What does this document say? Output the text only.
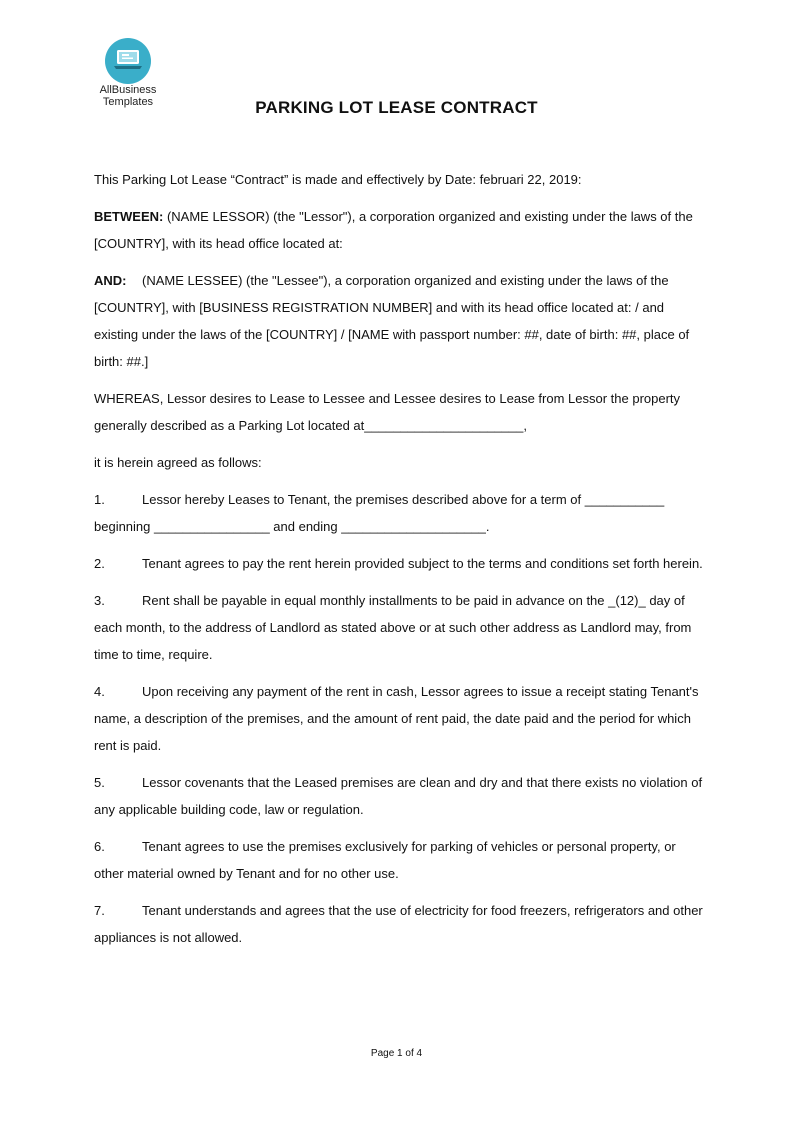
AllBusiness
Templates	PARKING LOT LEASE CONTRACT

This Parking Lot Lease “Contract” is made and effectively by Date: februari 22, 2019:

BETWEEN: (NAME LESSOR) (the "Lessor"), a corporation organized and existing under the laws of the [COUNTRY], with its head office located at:

AND: (NAME LESSEE) (the "Lessee"), a corporation organized and existing under the laws of the [COUNTRY], with [BUSINESS REGISTRATION NUMBER] and with its head office located at: / and existing under the laws of the [COUNTRY] / [NAME with passport number: ##, date of birth: ##, place of birth: ##.]

WHEREAS, Lessor desires to Lease to Lessee and Lessee desires to Lease from Lessor the property generally described as a Parking Lot located at______________________,

it is herein agreed as follows:

1.	Lessor hereby Leases to Tenant, the premises described above for a term of ___________ beginning ________________ and ending ____________________.

2.	Tenant agrees to pay the rent herein provided subject to the terms and conditions set forth herein.

3.	Rent shall be payable in equal monthly installments to be paid in advance on the _(12)_ day of each month, to the address of Landlord as stated above or at such other address as Landlord may, from time to time, require.

4.	Upon receiving any payment of the rent in cash, Lessor agrees to issue a receipt stating Tenant's name, a description of the premises, and the amount of rent paid, the date paid and the period for which rent is paid.

5.	Lessor covenants that the Leased premises are clean and dry and that there exists no violation of any applicable building code, law or regulation.

6.	Tenant agrees to use the premises exclusively for parking of vehicles or personal property, or other material owned by Tenant and for no other use.

7.	Tenant understands and agrees that the use of electricity for food freezers, refrigerators and other appliances is not allowed.

Page 1 of 4
